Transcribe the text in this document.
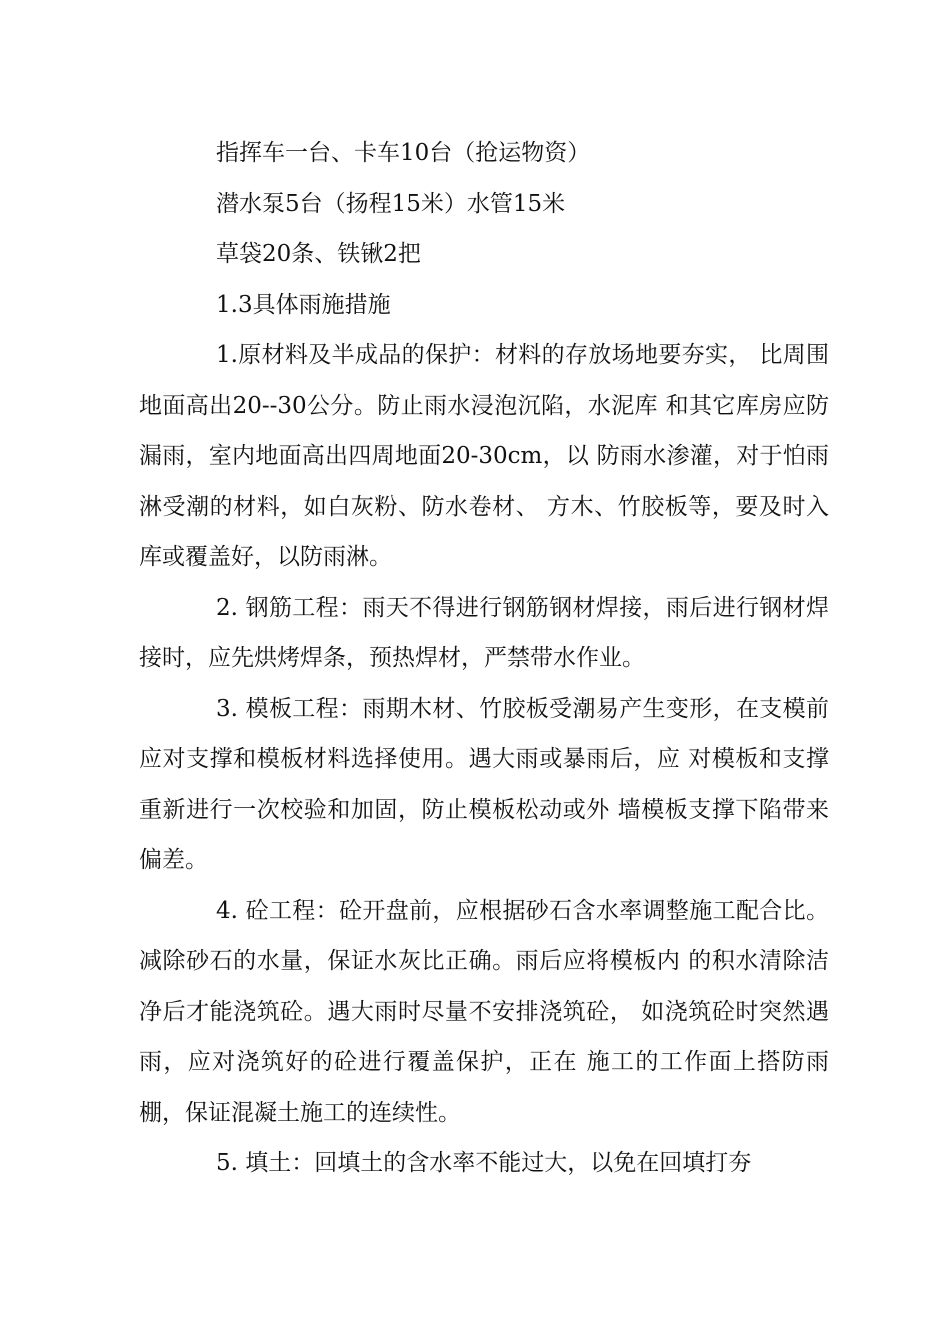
指挥车一台、卡车10台（抢运物资）

潜水泵5台（扬程15米）水管15米

草袋20条、铁锹2把

1.3具体雨施措施

1.原材料及半成品的保护：材料的存放场地要夯实， 比周围地面高出20--30公分。防止雨水浸泡沉陷，水泥库 和其它库房应防漏雨，室内地面高出四周地面20-30cm，以 防雨水渗灌，对于怕雨淋受潮的材料，如白灰粉、防水卷材、 方木、竹胶板等，要及时入库或覆盖好，以防雨淋。

2. 钢筋工程：雨天不得进行钢筋钢材焊接，雨后进行钢材焊接时，应先烘烤焊条，预热焊材，严禁带水作业。

3. 模板工程：雨期木材、竹胶板受潮易产生变形，在支模前应对支撑和模板材料选择使用。遇大雨或暴雨后，应 对模板和支撑重新进行一次校验和加固，防止模板松动或外 墙模板支撑下陷带来偏差。

4. 砼工程：砼开盘前，应根据砂石含水率调整施工配合比。减除砂石的水量，保证水灰比正确。雨后应将模板内 的积水清除洁净后才能浇筑砼。遇大雨时尽量不安排浇筑砼， 如浇筑砼时突然遇雨，应对浇筑好的砼进行覆盖保护，正在 施工的工作面上搭防雨棚，保证混凝土施工的连续性。

5. 填土：回填土的含水率不能过大，以免在回填打夯
